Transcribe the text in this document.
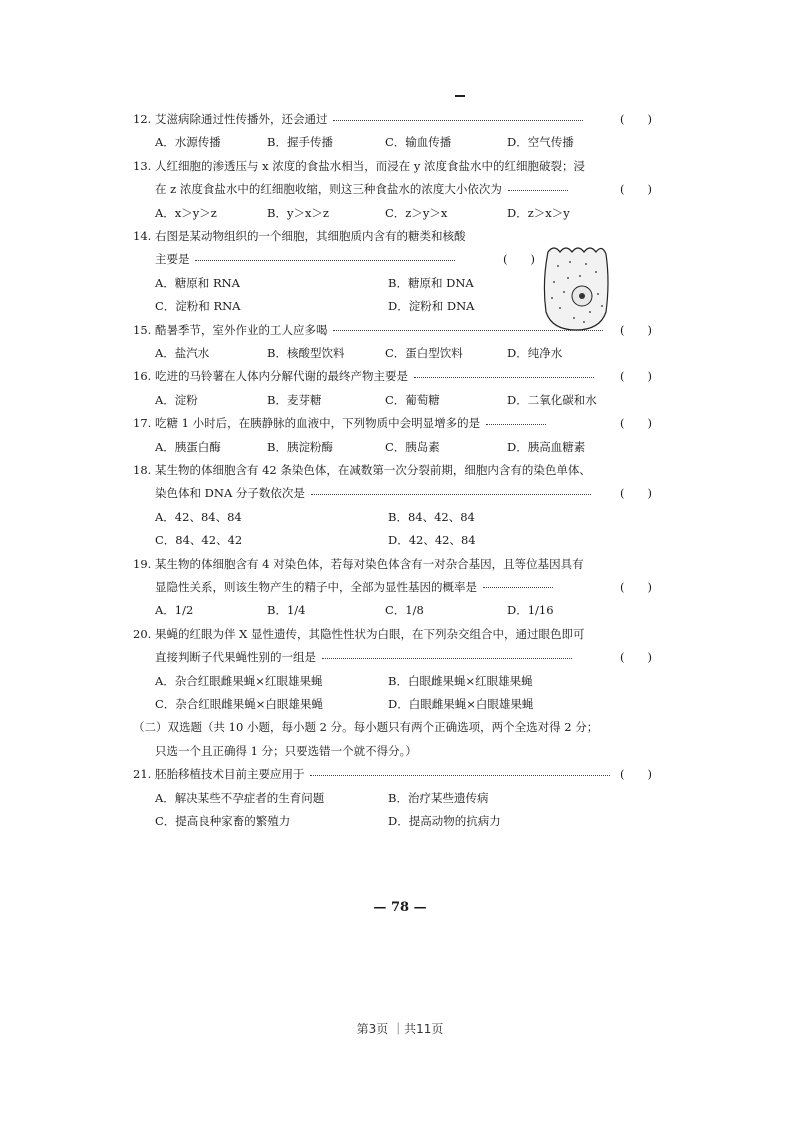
12. 艾滋病除通过性传播外，还会通过	(　　)
A．水源传播	B．握手传播	C．输血传播	D．空气传播
13. 人红细胞的渗透压与 x 浓度的食盐水相当，而浸在 y 浓度食盐水中的红细胞破裂；浸
在 z 浓度食盐水中的红细胞收缩，则这三种食盐水的浓度大小依次为	(　　)
A．x＞y＞z	B．y＞x＞z	C．z＞y＞x	D．z＞x＞y
14. 右图是某动物组织的一个细胞，其细胞质内含有的糖类和核酸
主要是	(　　)
A．糖原和 RNA	B．糖原和 DNA
C．淀粉和 RNA	D．淀粉和 DNA
15. 酷暑季节，室外作业的工人应多喝	(　　)
A．盐汽水	B．核酸型饮料	C．蛋白型饮料	D．纯净水
16. 吃进的马铃薯在人体内分解代谢的最终产物主要是	(　　)
A．淀粉	B．麦芽糖	C．葡萄糖	D．二氧化碳和水
17. 吃糖 1 小时后，在胰静脉的血液中，下列物质中会明显增多的是	(　　)
A．胰蛋白酶	B．胰淀粉酶	C．胰岛素	D．胰高血糖素
18. 某生物的体细胞含有 42 条染色体，在减数第一次分裂前期，细胞内含有的染色单体、
染色体和 DNA 分子数依次是	(　　)
A．42、84、84	B．84、42、84
C．84、42、42	D．42、42、84
19. 某生物的体细胞含有 4 对染色体，若每对染色体含有一对杂合基因，且等位基因具有
显隐性关系，则该生物产生的精子中，全部为显性基因的概率是	(　　)
A．1/2	B．1/4	C．1/8	D．1/16
20. 果蝇的红眼为伴 X 显性遗传，其隐性性状为白眼，在下列杂交组合中，通过眼色即可
直接判断子代果蝇性别的一组是	(　　)
A．杂合红眼雌果蝇×红眼雄果蝇	B．白眼雌果蝇×红眼雄果蝇
C．杂合红眼雌果蝇×白眼雄果蝇	D．白眼雌果蝇×白眼雄果蝇
（二）双选题（共 10 小题，每小题 2 分。每小题只有两个正确选项，两个全选对得 2 分；
只选一个且正确得 1 分；只要选错一个就不得分。）
21. 胚胎移植技术目前主要应用于	(　　)
A．解决某些不孕症者的生育问题	B．治疗某些遗传病
C．提高良种家畜的繁殖力	D．提高动物的抗病力
— 78 —
第3页 ｜共11页
